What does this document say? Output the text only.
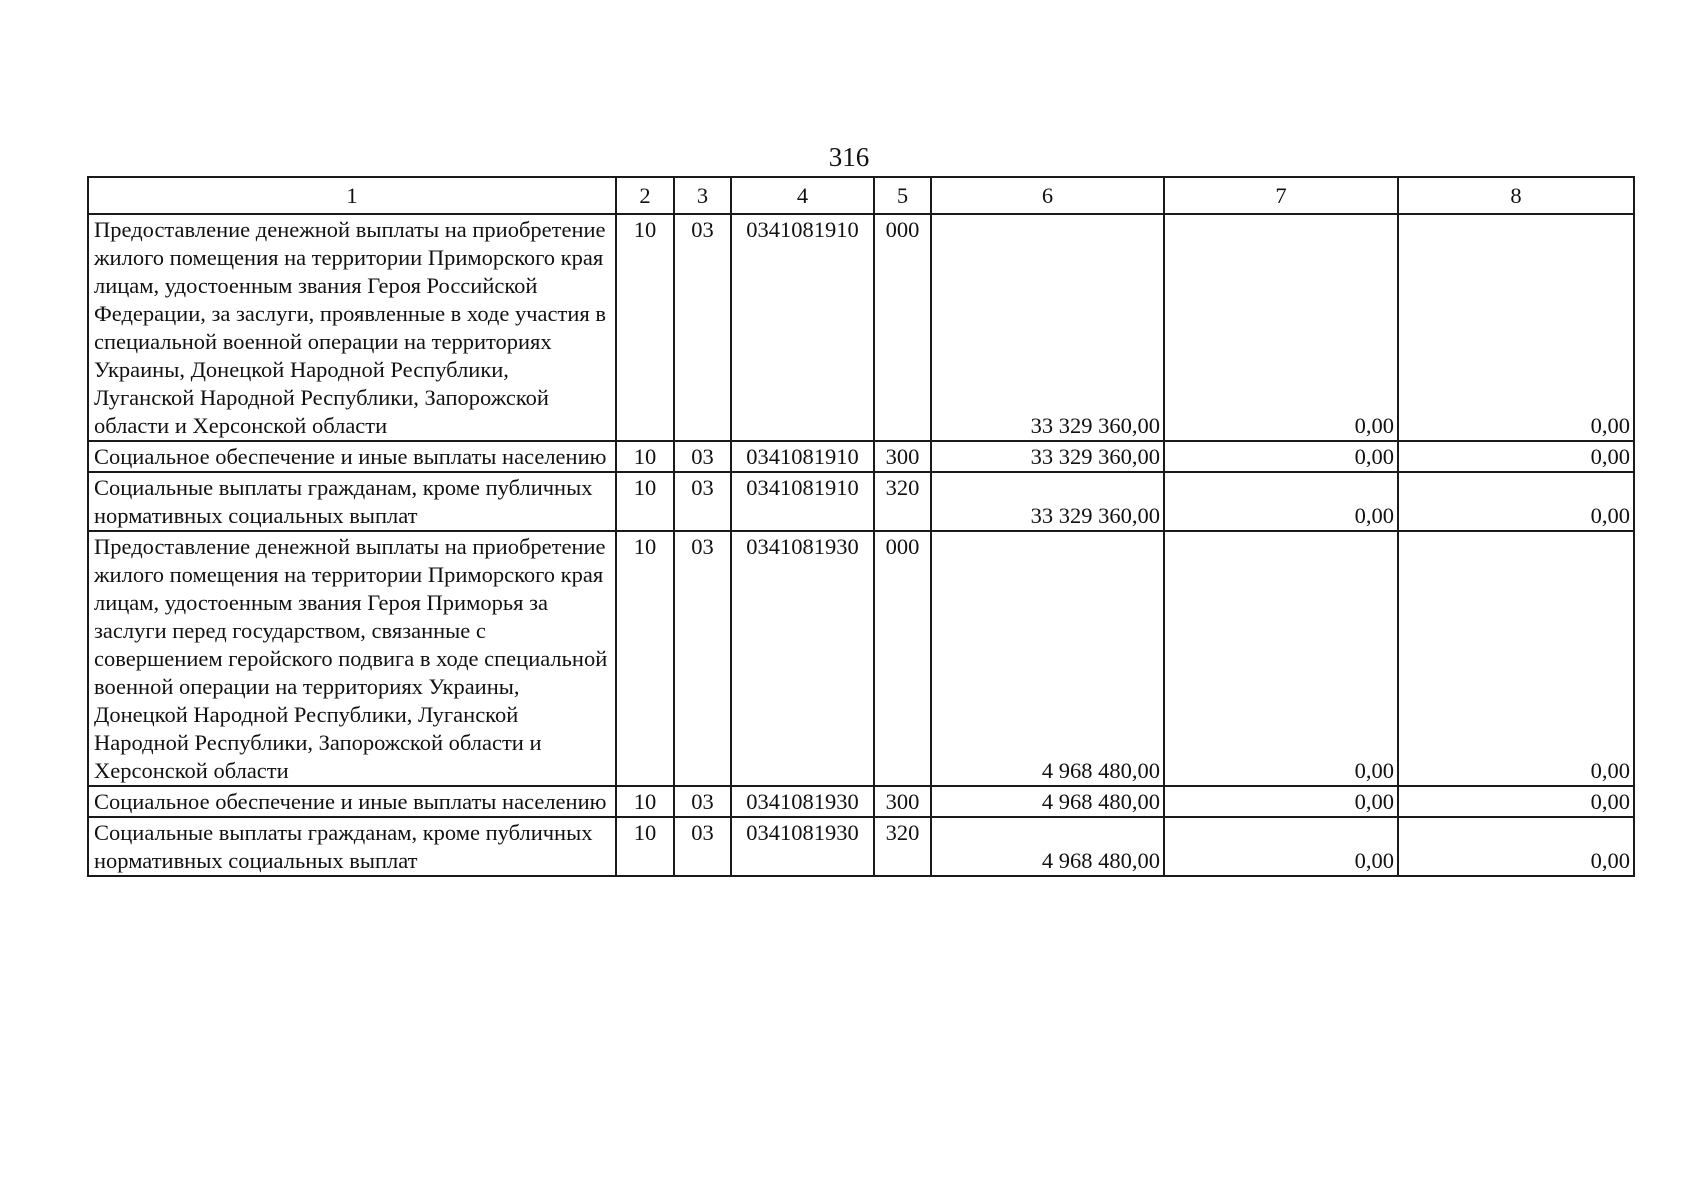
316
1	2	3	4	5	6	7	8
Предоставление денежной выплаты на приобретение жилого помещения на территории Приморского края лицам, удостоенным звания Героя Российской Федерации, за заслуги, проявленные в ходе участия в специальной военной операции на территориях Украины, Донецкой Народной Республики, Луганской Народной Республики, Запорожской области и Херсонской области	10	03	0341081910	000	33 329 360,00	0,00	0,00
Социальное обеспечение и иные выплаты населению	10	03	0341081910	300	33 329 360,00	0,00	0,00
Социальные выплаты гражданам, кроме публичных нормативных социальных выплат	10	03	0341081910	320	33 329 360,00	0,00	0,00
Предоставление денежной выплаты на приобретение жилого помещения на территории Приморского края лицам, удостоенным звания Героя Приморья за заслуги перед государством, связанные с совершением геройского подвига в ходе специальной военной операции на территориях Украины, Донецкой Народной Республики, Луганской Народной Республики, Запорожской области и Херсонской области	10	03	0341081930	000	4 968 480,00	0,00	0,00
Социальное обеспечение и иные выплаты населению	10	03	0341081930	300	4 968 480,00	0,00	0,00
Социальные выплаты гражданам, кроме публичных нормативных социальных выплат	10	03	0341081930	320	4 968 480,00	0,00	0,00
